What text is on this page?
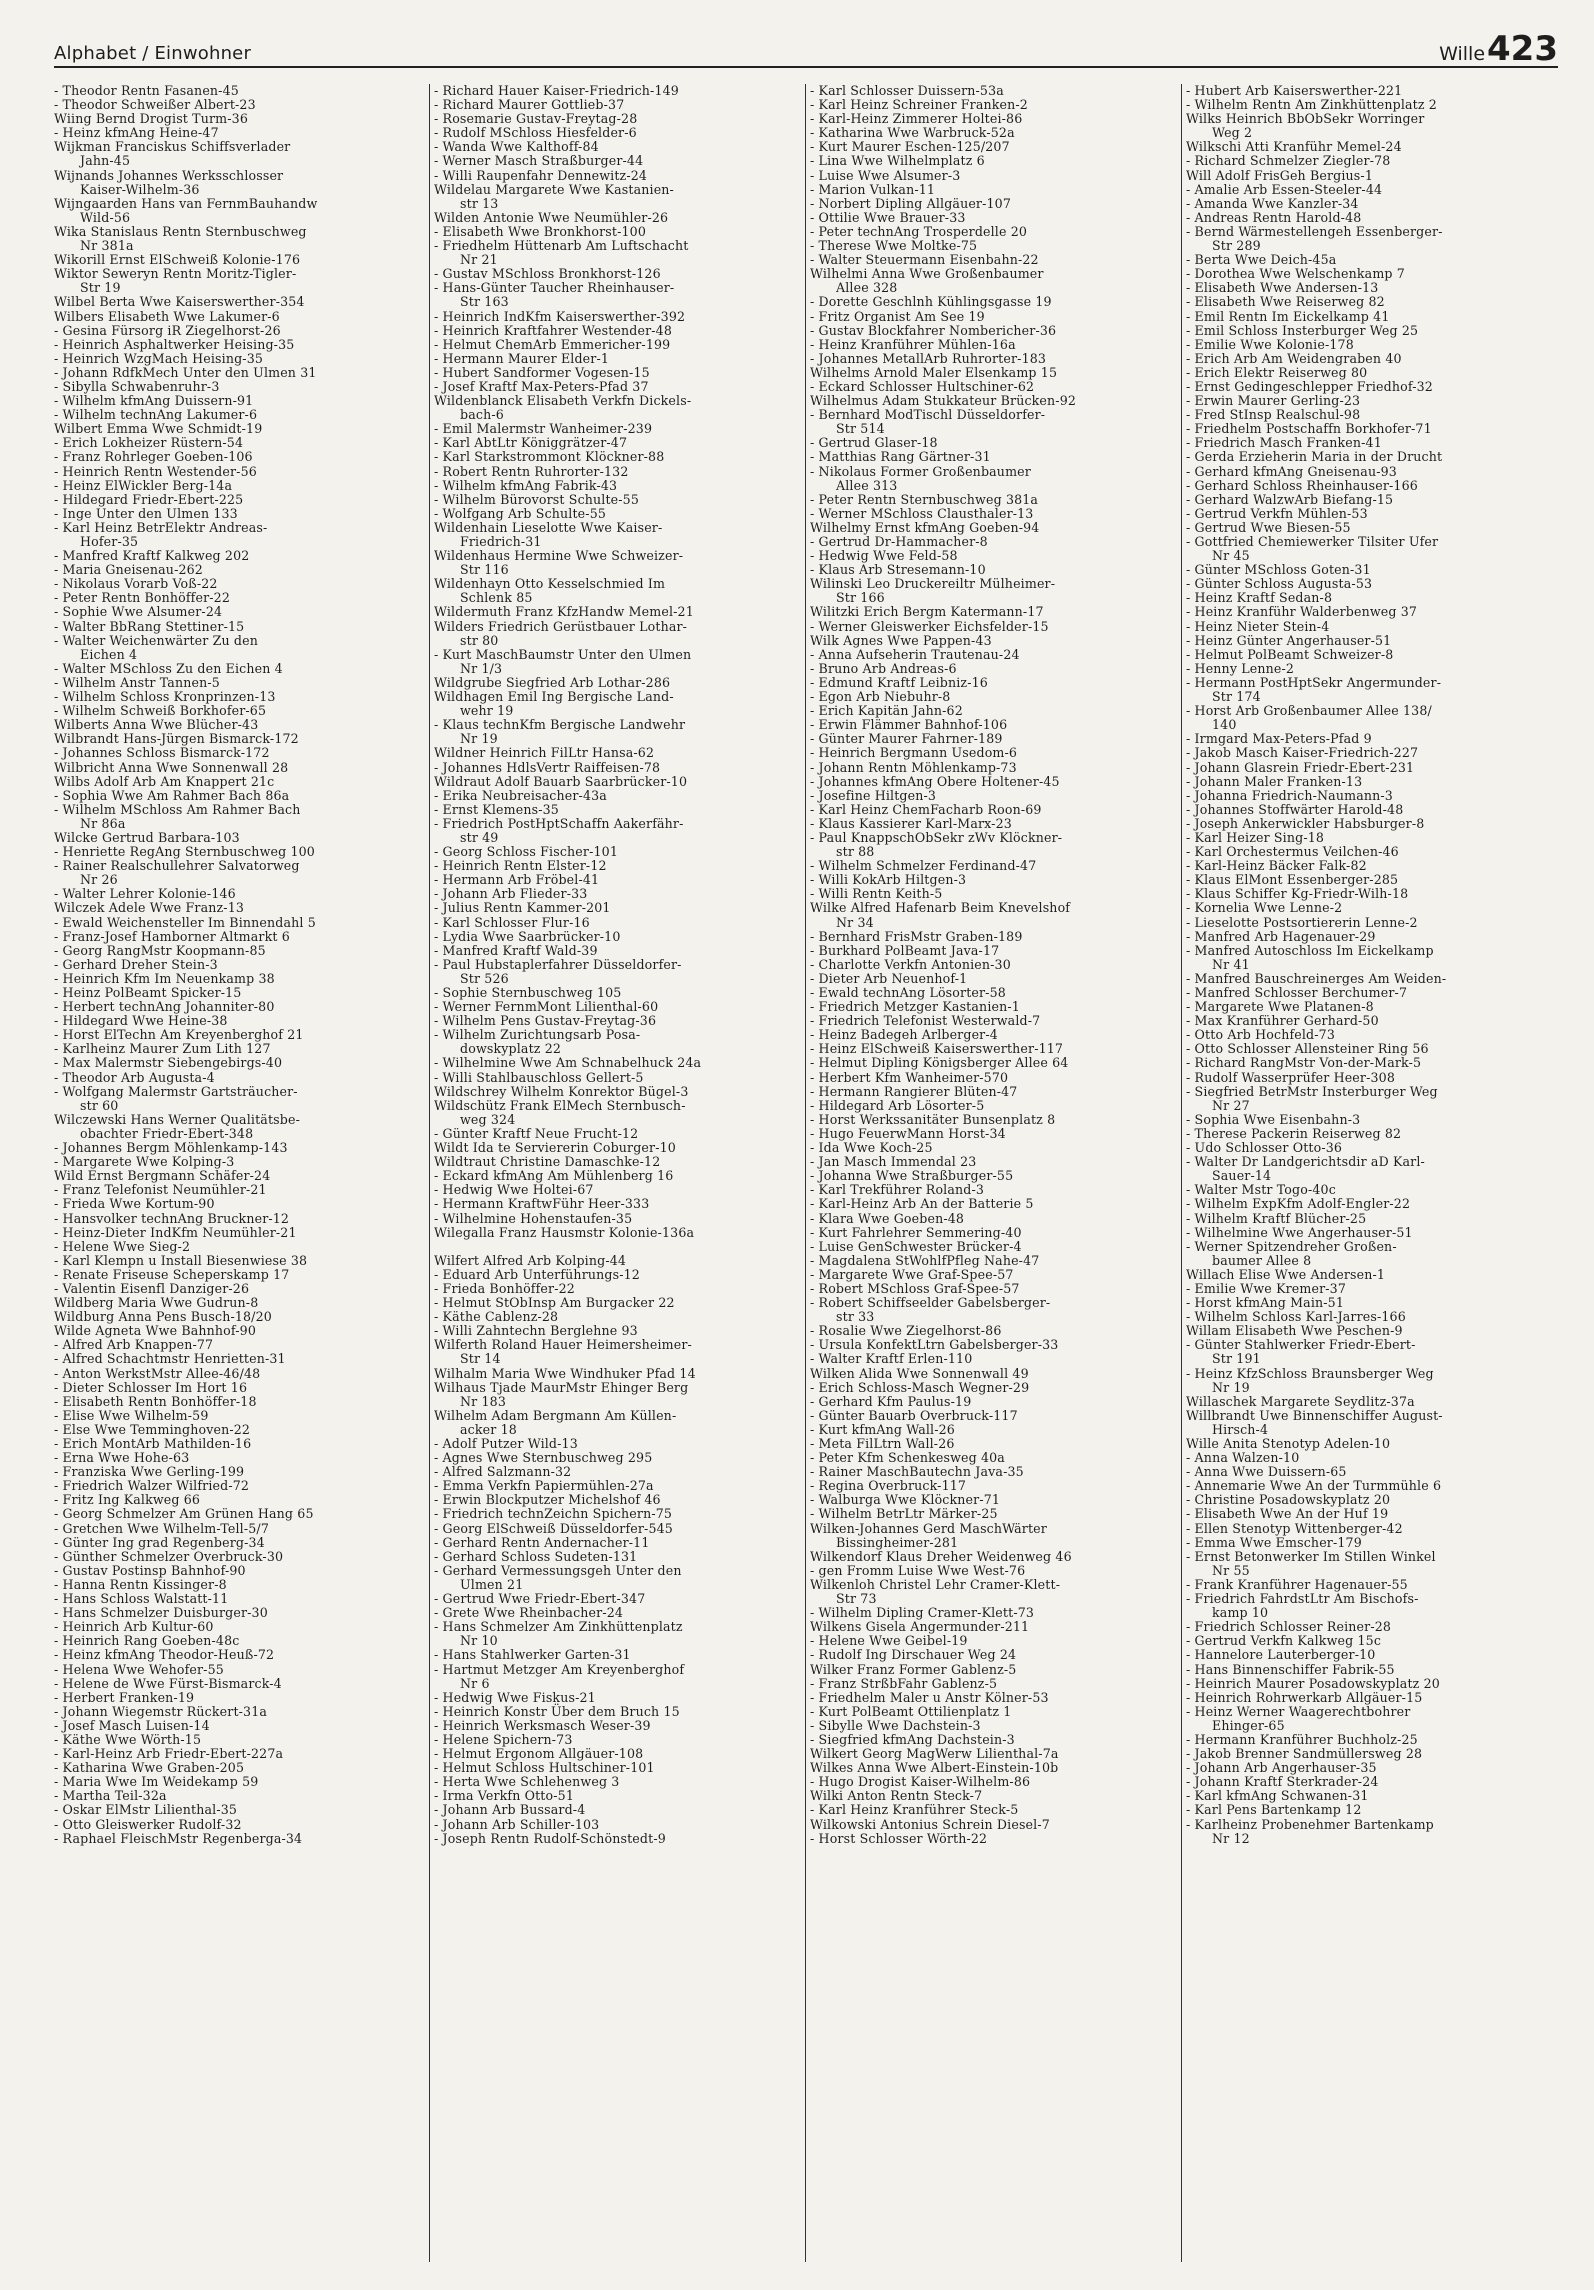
Alphabet / Einwohner	Wille 423
- Theodor Rentn Fasanen-45
- Theodor Schweißer Albert-23
Wiing Bernd Drogist Turm-36
- Heinz kfmAng Heine-47
Wijkman Franciskus Schiffsverlader
Jahn-45
Wijnands Johannes Werksschlosser
Kaiser-Wilhelm-36
Wijngaarden Hans van FernmBauhandw
Wild-56
Wika Stanislaus Rentn Sternbuschweg
Nr 381a
Wikorill Ernst ElSchweiß Kolonie-176
Wiktor Seweryn Rentn Moritz-Tigler-
Str 19
Wilbel Berta Wwe Kaiserswerther-354
Wilbers Elisabeth Wwe Lakumer-6
- Gesina Fürsorg iR Ziegelhorst-26
- Heinrich Asphaltwerker Heising-35
- Heinrich WzgMach Heising-35
- Johann RdfkMech Unter den Ulmen 31
- Sibylla Schwabenruhr-3
- Wilhelm kfmAng Duissern-91
- Wilhelm technAng Lakumer-6
Wilbert Emma Wwe Schmidt-19
- Erich Lokheizer Rüstern-54
- Franz Rohrleger Goeben-106
- Heinrich Rentn Westender-56
- Heinz ElWickler Berg-14a
- Hildegard Friedr-Ebert-225
- Inge Unter den Ulmen 133
- Karl Heinz BetrElektr Andreas-
Hofer-35
- Manfred Kraftf Kalkweg 202
- Maria Gneisenau-262
- Nikolaus Vorarb Voß-22
- Peter Rentn Bonhöffer-22
- Sophie Wwe Alsumer-24
- Walter BbRang Stettiner-15
- Walter Weichenwärter Zu den
Eichen 4
- Walter MSchloss Zu den Eichen 4
- Wilhelm Anstr Tannen-5
- Wilhelm Schloss Kronprinzen-13
- Wilhelm Schweiß Borkhofer-65
Wilberts Anna Wwe Blücher-43
Wilbrandt Hans-Jürgen Bismarck-172
- Johannes Schloss Bismarck-172
Wilbricht Anna Wwe Sonnenwall 28
Wilbs Adolf Arb Am Knappert 21c
- Sophia Wwe Am Rahmer Bach 86a
- Wilhelm MSchloss Am Rahmer Bach
Nr 86a
Wilcke Gertrud Barbara-103
- Henriette RegAng Sternbuschweg 100
- Rainer Realschullehrer Salvatorweg
Nr 26
- Walter Lehrer Kolonie-146
Wilczek Adele Wwe Franz-13
- Ewald Weichensteller Im Binnendahl 5
- Franz-Josef Hamborner Altmarkt 6
- Georg RangMstr Koopmann-85
- Gerhard Dreher Stein-3
- Heinrich Kfm Im Neuenkamp 38
- Heinz PolBeamt Spicker-15
- Herbert technAng Johanniter-80
- Hildegard Wwe Heine-38
- Horst ElTechn Am Kreyenberghof 21
- Karlheinz Maurer Zum Lith 127
- Max Malermstr Siebengebirgs-40
- Theodor Arb Augusta-4
- Wolfgang Malermstr Gartsträucher-
str 60
Wilczewski Hans Werner Qualitätsbe-
obachter Friedr-Ebert-348
- Johannes Bergm Möhlenkamp-143
- Margarete Wwe Kolping-3
Wild Ernst Bergmann Schäfer-24
- Franz Telefonist Neumühler-21
- Frieda Wwe Kortum-90
- Hansvolker technAng Bruckner-12
- Heinz-Dieter IndKfm Neumühler-21
- Helene Wwe Sieg-2
- Karl Klempn u Install Biesenwiese 38
- Renate Friseuse Scheperskamp 17
- Valentin Eisenfl Danziger-26
Wildberg Maria Wwe Gudrun-8
Wildburg Anna Pens Busch-18/20
Wilde Agneta Wwe Bahnhof-90
- Alfred Arb Knappen-77
- Alfred Schachtmstr Henrietten-31
- Anton WerkstMstr Allee-46/48
- Dieter Schlosser Im Hort 16
- Elisabeth Rentn Bonhöffer-18
- Elise Wwe Wilhelm-59
- Else Wwe Temminghoven-22
- Erich MontArb Mathilden-16
- Erna Wwe Hohe-63
- Franziska Wwe Gerling-199
- Friedrich Walzer Wilfried-72
- Fritz Ing Kalkweg 66
- Georg Schmelzer Am Grünen Hang 65
- Gretchen Wwe Wilhelm-Tell-5/7
- Günter Ing grad Regenberg-34
- Günther Schmelzer Overbruck-30
- Gustav Postinsp Bahnhof-90
- Hanna Rentn Kissinger-8
- Hans Schloss Walstatt-11
- Hans Schmelzer Duisburger-30
- Heinrich Arb Kultur-60
- Heinrich Rang Goeben-48c
- Heinz kfmAng Theodor-Heuß-72
- Helena Wwe Wehofer-55
- Helene de Wwe Fürst-Bismarck-4
- Herbert Franken-19
- Johann Wiegemstr Rückert-31a
- Josef Masch Luisen-14
- Käthe Wwe Wörth-15
- Karl-Heinz Arb Friedr-Ebert-227a
- Katharina Wwe Graben-205
- Maria Wwe Im Weidekamp 59
- Martha Teil-32a
- Oskar ElMstr Lilienthal-35
- Otto Gleiswerker Rudolf-32
- Raphael FleischMstr Regenberga-34
- Richard Hauer Kaiser-Friedrich-149
- Richard Maurer Gottlieb-37
- Rosemarie Gustav-Freytag-28
- Rudolf MSchloss Hiesfelder-6
- Wanda Wwe Kalthoff-84
- Werner Masch Straßburger-44
- Willi Raupenfahr Dennewitz-24
Wildelau Margarete Wwe Kastanien-
str 13
Wilden Antonie Wwe Neumühler-26
- Elisabeth Wwe Bronkhorst-100
- Friedhelm Hüttenarb Am Luftschacht
Nr 21
- Gustav MSchloss Bronkhorst-126
- Hans-Günter Taucher Rheinhauser-
Str 163
- Heinrich IndKfm Kaiserswerther-392
- Heinrich Kraftfahrer Westender-48
- Helmut ChemArb Emmericher-199
- Hermann Maurer Elder-1
- Hubert Sandformer Vogesen-15
- Josef Kraftf Max-Peters-Pfad 37
Wildenblanck Elisabeth Verkfn Dickels-
bach-6
- Emil Malermstr Wanheimer-239
- Karl AbtLtr Königgrätzer-47
- Karl Starkstrommont Klöckner-88
- Robert Rentn Ruhrorter-132
- Wilhelm kfmAng Fabrik-43
- Wilhelm Bürovorst Schulte-55
- Wolfgang Arb Schulte-55
Wildenhain Lieselotte Wwe Kaiser-
Friedrich-31
Wildenhaus Hermine Wwe Schweizer-
Str 116
Wildenhayn Otto Kesselschmied Im
Schlenk 85
Wildermuth Franz KfzHandw Memel-21
Wilders Friedrich Gerüstbauer Lothar-
str 80
- Kurt MaschBaumstr Unter den Ulmen
Nr 1/3
Wildgrube Siegfried Arb Lothar-286
Wildhagen Emil Ing Bergische Land-
wehr 19
- Klaus technKfm Bergische Landwehr
Nr 19
Wildner Heinrich FilLtr Hansa-62
- Johannes HdlsVertr Raiffeisen-78
Wildraut Adolf Bauarb Saarbrücker-10
- Erika Neubreisacher-43a
- Ernst Klemens-35
- Friedrich PostHptSchaffn Aakerfähr-
str 49
- Georg Schloss Fischer-101
- Heinrich Rentn Elster-12
- Hermann Arb Fröbel-41
- Johann Arb Flieder-33
- Julius Rentn Kammer-201
- Karl Schlosser Flur-16
- Lydia Wwe Saarbrücker-10
- Manfred Kraftf Wald-39
- Paul Hubstaplerfahrer Düsseldorfer-
Str 526
- Sophie Sternbuschweg 105
- Werner FernmMont Lilienthal-60
- Wilhelm Pens Gustav-Freytag-36
- Wilhelm Zurichtungsarb Posa-
dowskyplatz 22
- Wilhelmine Wwe Am Schnabelhuck 24a
- Willi Stahlbauschloss Gellert-5
Wildschrey Wilhelm Konrektor Bügel-3
Wildschütz Frank ElMech Sternbusch-
weg 324
- Günter Kraftf Neue Frucht-12
Wildt Ida te Serviererin Coburger-10
Wildtraut Christine Damaschke-12
- Eckard kfmAng Am Mühlenberg 16
- Hedwig Wwe Holtei-67
- Hermann KraftwFühr Heer-333
- Wilhelmine Hohenstaufen-35
Wilegalla Franz Hausmstr Kolonie-136a

Wilfert Alfred Arb Kolping-44
- Eduard Arb Unterführungs-12
- Frieda Bonhöffer-22
- Helmut StObInsp Am Burgacker 22
- Käthe Cablenz-28
- Willi Zahntechn Berglehne 93
Wilferth Roland Hauer Heimersheimer-
Str 14
Wilhalm Maria Wwe Windhuker Pfad 14
Wilhaus Tjade MaurMstr Ehinger Berg
Nr 183
Wilhelm Adam Bergmann Am Küllen-
acker 18
- Adolf Putzer Wild-13
- Agnes Wwe Sternbuschweg 295
- Alfred Salzmann-32
- Emma Verkfn Papiermühlen-27a
- Erwin Blockputzer Michelshof 46
- Friedrich technZeichn Spichern-75
- Georg ElSchweiß Düsseldorfer-545
- Gerhard Rentn Andernacher-11
- Gerhard Schloss Sudeten-131
- Gerhard Vermessungsgeh Unter den
Ulmen 21
- Gertrud Wwe Friedr-Ebert-347
- Grete Wwe Rheinbacher-24
- Hans Schmelzer Am Zinkhüttenplatz
Nr 10
- Hans Stahlwerker Garten-31
- Hartmut Metzger Am Kreyenberghof
Nr 6
- Hedwig Wwe Fiskus-21
- Heinrich Konstr Über dem Bruch 15
- Heinrich Werksmasch Weser-39
- Helene Spichern-73
- Helmut Ergonom Allgäuer-108
- Helmut Schloss Hultschiner-101
- Herta Wwe Schlehenweg 3
- Irma Verkfn Otto-51
- Johann Arb Bussard-4
- Johann Arb Schiller-103
- Joseph Rentn Rudolf-Schönstedt-9
- Karl Schlosser Duissern-53a
- Karl Heinz Schreiner Franken-2
- Karl-Heinz Zimmerer Holtei-86
- Katharina Wwe Warbruck-52a
- Kurt Maurer Eschen-125/207
- Lina Wwe Wilhelmplatz 6
- Luise Wwe Alsumer-3
- Marion Vulkan-11
- Norbert Dipling Allgäuer-107
- Ottilie Wwe Brauer-33
- Peter technAng Trosperdelle 20
- Therese Wwe Moltke-75
- Walter Steuermann Eisenbahn-22
Wilhelmi Anna Wwe Großenbaumer
Allee 328
- Dorette Geschlnh Kühlingsgasse 19
- Fritz Organist Am See 19
- Gustav Blockfahrer Nombericher-36
- Heinz Kranführer Mühlen-16a
- Johannes MetallArb Ruhrorter-183
Wilhelms Arnold Maler Elsenkamp 15
- Eckard Schlosser Hultschiner-62
Wilhelmus Adam Stukkateur Brücken-92
- Bernhard ModTischl Düsseldorfer-
Str 514
- Gertrud Glaser-18
- Matthias Rang Gärtner-31
- Nikolaus Former Großenbaumer
Allee 313
- Peter Rentn Sternbuschweg 381a
- Werner MSchloss Clausthaler-13
Wilhelmy Ernst kfmAng Goeben-94
- Gertrud Dr-Hammacher-8
- Hedwig Wwe Feld-58
- Klaus Arb Stresemann-10
Wilinski Leo Druckereiltr Mülheimer-
Str 166
Wilitzki Erich Bergm Katermann-17
- Werner Gleiswerker Eichsfelder-15
Wilk Agnes Wwe Pappen-43
- Anna Aufseherin Trautenau-24
- Bruno Arb Andreas-6
- Edmund Kraftf Leibniz-16
- Egon Arb Niebuhr-8
- Erich Kapitän Jahn-62
- Erwin Flämmer Bahnhof-106
- Günter Maurer Fahrner-189
- Heinrich Bergmann Usedom-6
- Johann Rentn Möhlenkamp-73
- Johannes kfmAng Obere Holtener-45
- Josefine Hiltgen-3
- Karl Heinz ChemFacharb Roon-69
- Klaus Kassierer Karl-Marx-23
- Paul KnappschObSekr zWv Klöckner-
str 88
- Wilhelm Schmelzer Ferdinand-47
- Willi KokArb Hiltgen-3
- Willi Rentn Keith-5
Wilke Alfred Hafenarb Beim Knevelshof
Nr 34
- Bernhard FrisMstr Graben-189
- Burkhard PolBeamt Java-17
- Charlotte Verkfn Antonien-30
- Dieter Arb Neuenhof-1
- Ewald technAng Lösorter-58
- Friedrich Metzger Kastanien-1
- Friedrich Telefonist Westerwald-7
- Heinz Badegeh Arlberger-4
- Heinz ElSchweiß Kaiserswerther-117
- Helmut Dipling Königsberger Allee 64
- Herbert Kfm Wanheimer-570
- Hermann Rangierer Blüten-47
- Hildegard Arb Lösorter-5
- Horst Werkssanitäter Bunsenplatz 8
- Hugo FeuerwMann Horst-34
- Ida Wwe Koch-25
- Jan Masch Immendal 23
- Johanna Wwe Straßburger-55
- Karl Trekführer Roland-3
- Karl-Heinz Arb An der Batterie 5
- Klara Wwe Goeben-48
- Kurt Fahrlehrer Semmering-40
- Luise GenSchwester Brücker-4
- Magdalena StWohlfPfleg Nahe-47
- Margarete Wwe Graf-Spee-57
- Robert MSchloss Graf-Spee-57
- Robert Schiffseelder Gabelsberger-
str 33
- Rosalie Wwe Ziegelhorst-86
- Ursula KonfektLtrn Gabelsberger-33
- Walter Kraftf Erlen-110
Wilken Alida Wwe Sonnenwall 49
- Erich Schloss-Masch Wegner-29
- Gerhard Kfm Paulus-19
- Günter Bauarb Overbruck-117
- Kurt kfmAng Wall-26
- Meta FilLtrn Wall-26
- Peter Kfm Schenkesweg 40a
- Rainer MaschBautechn Java-35
- Regina Overbruck-117
- Walburga Wwe Klöckner-71
- Wilhelm BetrLtr Märker-25
Wilken-Johannes Gerd MaschWärter
Bissingheimer-281
Wilkendorf Klaus Dreher Weidenweg 46
- gen Fromm Luise Wwe West-76
Wilkenloh Christel Lehr Cramer-Klett-
Str 73
- Wilhelm Dipling Cramer-Klett-73
Wilkens Gisela Angermunder-211
- Helene Wwe Geibel-19
- Rudolf Ing Dirschauer Weg 24
Wilker Franz Former Gablenz-5
- Franz StrßbFahr Gablenz-5
- Friedhelm Maler u Anstr Kölner-53
- Kurt PolBeamt Ottilienplatz 1
- Sibylle Wwe Dachstein-3
- Siegfried kfmAng Dachstein-3
Wilkert Georg MagWerw Lilienthal-7a
Wilkes Anna Wwe Albert-Einstein-10b
- Hugo Drogist Kaiser-Wilhelm-86
Wilki Anton Rentn Steck-7
- Karl Heinz Kranführer Steck-5
Wilkowski Antonius Schrein Diesel-7
- Horst Schlosser Wörth-22
- Hubert Arb Kaiserswerther-221
- Wilhelm Rentn Am Zinkhüttenplatz 2
Wilks Heinrich BbObSekr Worringer
Weg 2
Wilkschi Atti Kranführ Memel-24
- Richard Schmelzer Ziegler-78
Will Adolf FrisGeh Bergius-1
- Amalie Arb Essen-Steeler-44
- Amanda Wwe Kanzler-34
- Andreas Rentn Harold-48
- Bernd Wärmestellengeh Essenberger-
Str 289
- Berta Wwe Deich-45a
- Dorothea Wwe Welschenkamp 7
- Elisabeth Wwe Andersen-13
- Elisabeth Wwe Reiserweg 82
- Emil Rentn Im Eickelkamp 41
- Emil Schloss Insterburger Weg 25
- Emilie Wwe Kolonie-178
- Erich Arb Am Weidengraben 40
- Erich Elektr Reiserweg 80
- Ernst Gedingeschlepper Friedhof-32
- Erwin Maurer Gerling-23
- Fred StInsp Realschul-98
- Friedhelm Postschaffn Borkhofer-71
- Friedrich Masch Franken-41
- Gerda Erzieherin Maria in der Drucht
- Gerhard kfmAng Gneisenau-93
- Gerhard Schloss Rheinhauser-166
- Gerhard WalzwArb Biefang-15
- Gertrud Verkfn Mühlen-53
- Gertrud Wwe Biesen-55
- Gottfried Chemiewerker Tilsiter Ufer
Nr 45
- Günter MSchloss Goten-31
- Günter Schloss Augusta-53
- Heinz Kraftf Sedan-8
- Heinz Kranführ Walderbenweg 37
- Heinz Nieter Stein-4
- Heinz Günter Angerhauser-51
- Helmut PolBeamt Schweizer-8
- Henny Lenne-2
- Hermann PostHptSekr Angermunder-
Str 174
- Horst Arb Großenbaumer Allee 138/
140
- Irmgard Max-Peters-Pfad 9
- Jakob Masch Kaiser-Friedrich-227
- Johann Glasrein Friedr-Ebert-231
- Johann Maler Franken-13
- Johanna Friedrich-Naumann-3
- Johannes Stoffwärter Harold-48
- Joseph Ankerwickler Habsburger-8
- Karl Heizer Sing-18
- Karl Orchestermus Veilchen-46
- Karl-Heinz Bäcker Falk-82
- Klaus ElMont Essenberger-285
- Klaus Schiffer Kg-Friedr-Wilh-18
- Kornelia Wwe Lenne-2
- Lieselotte Postsortiererin Lenne-2
- Manfred Arb Hagenauer-29
- Manfred Autoschloss Im Eickelkamp
Nr 41
- Manfred Bauschreinerges Am Weiden-
- Manfred Schlosser Berchumer-7
- Margarete Wwe Platanen-8
- Max Kranführer Gerhard-50
- Otto Arb Hochfeld-73
- Otto Schlosser Allensteiner Ring 56
- Richard RangMstr Von-der-Mark-5
- Rudolf Wasserprüfer Heer-308
- Siegfried BetrMstr Insterburger Weg
Nr 27
- Sophia Wwe Eisenbahn-3
- Therese Packerin Reiserweg 82
- Udo Schlosser Otto-36
- Walter Dr Landgerichtsdir aD Karl-
Sauer-14
- Walter Mstr Togo-40c
- Wilhelm ExpKfm Adolf-Engler-22
- Wilhelm Kraftf Blücher-25
- Wilhelmine Wwe Angerhauser-51
- Werner Spitzendreher Großen-
baumer Allee 8
Willach Elise Wwe Andersen-1
- Emilie Wwe Kremer-37
- Horst kfmAng Main-51
- Wilhelm Schloss Karl-Jarres-166
Willam Elisabeth Wwe Peschen-9
- Günter Stahlwerker Friedr-Ebert-
Str 191
- Heinz KfzSchloss Braunsberger Weg
Nr 19
Willaschek Margarete Seydlitz-37a
Willbrandt Uwe Binnenschiffer August-
Hirsch-4
Wille Anita Stenotyp Adelen-10
- Anna Walzen-10
- Anna Wwe Duissern-65
- Annemarie Wwe An der Turmmühle 6
- Christine Posadowskyplatz 20
- Elisabeth Wwe An der Huf 19
- Ellen Stenotyp Wittenberger-42
- Emma Wwe Emscher-179
- Ernst Betonwerker Im Stillen Winkel
Nr 55
- Frank Kranführer Hagenauer-55
- Friedrich FahrdstLtr Am Bischofs-
kamp 10
- Friedrich Schlosser Reiner-28
- Gertrud Verkfn Kalkweg 15c
- Hannelore Lauterberger-10
- Hans Binnenschiffer Fabrik-55
- Heinrich Maurer Posadowskyplatz 20
- Heinrich Rohrwerkarb Allgäuer-15
- Heinz Werner Waagerechtbohrer
Ehinger-65
- Hermann Kranführer Buchholz-25
- Jakob Brenner Sandmüllersweg 28
- Johann Arb Angerhauser-35
- Johann Kraftf Sterkrader-24
- Karl kfmAng Schwanen-31
- Karl Pens Bartenkamp 12
- Karlheinz Probenehmer Bartenkamp
Nr 12
